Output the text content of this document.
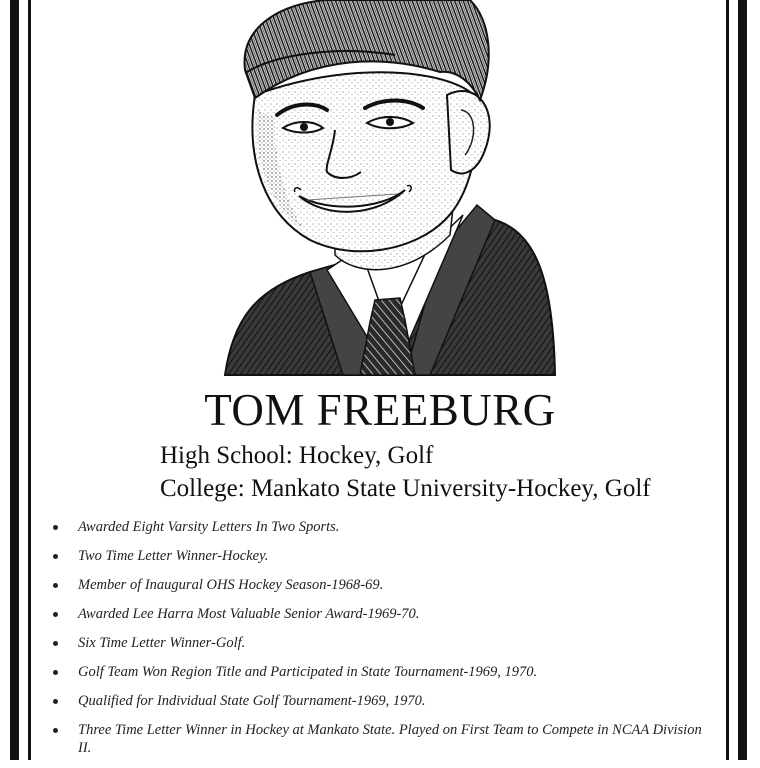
TOM FREEBURG
High School: Hockey, Golf
College: Mankato State University-Hockey, Golf
Awarded Eight Varsity Letters In Two Sports.
Two Time Letter Winner-Hockey.
Member of Inaugural OHS Hockey Season-1968-69.
Awarded Lee Harra Most Valuable Senior Award-1969-70.
Six Time Letter Winner-Golf.
Golf Team Won Region Title and Participated in State Tournament-1969, 1970.
Qualified for Individual State Golf Tournament-1969, 1970.
Three Time Letter Winner in Hockey at Mankato State. Played on First Team to Compete in NCAA Division II.
